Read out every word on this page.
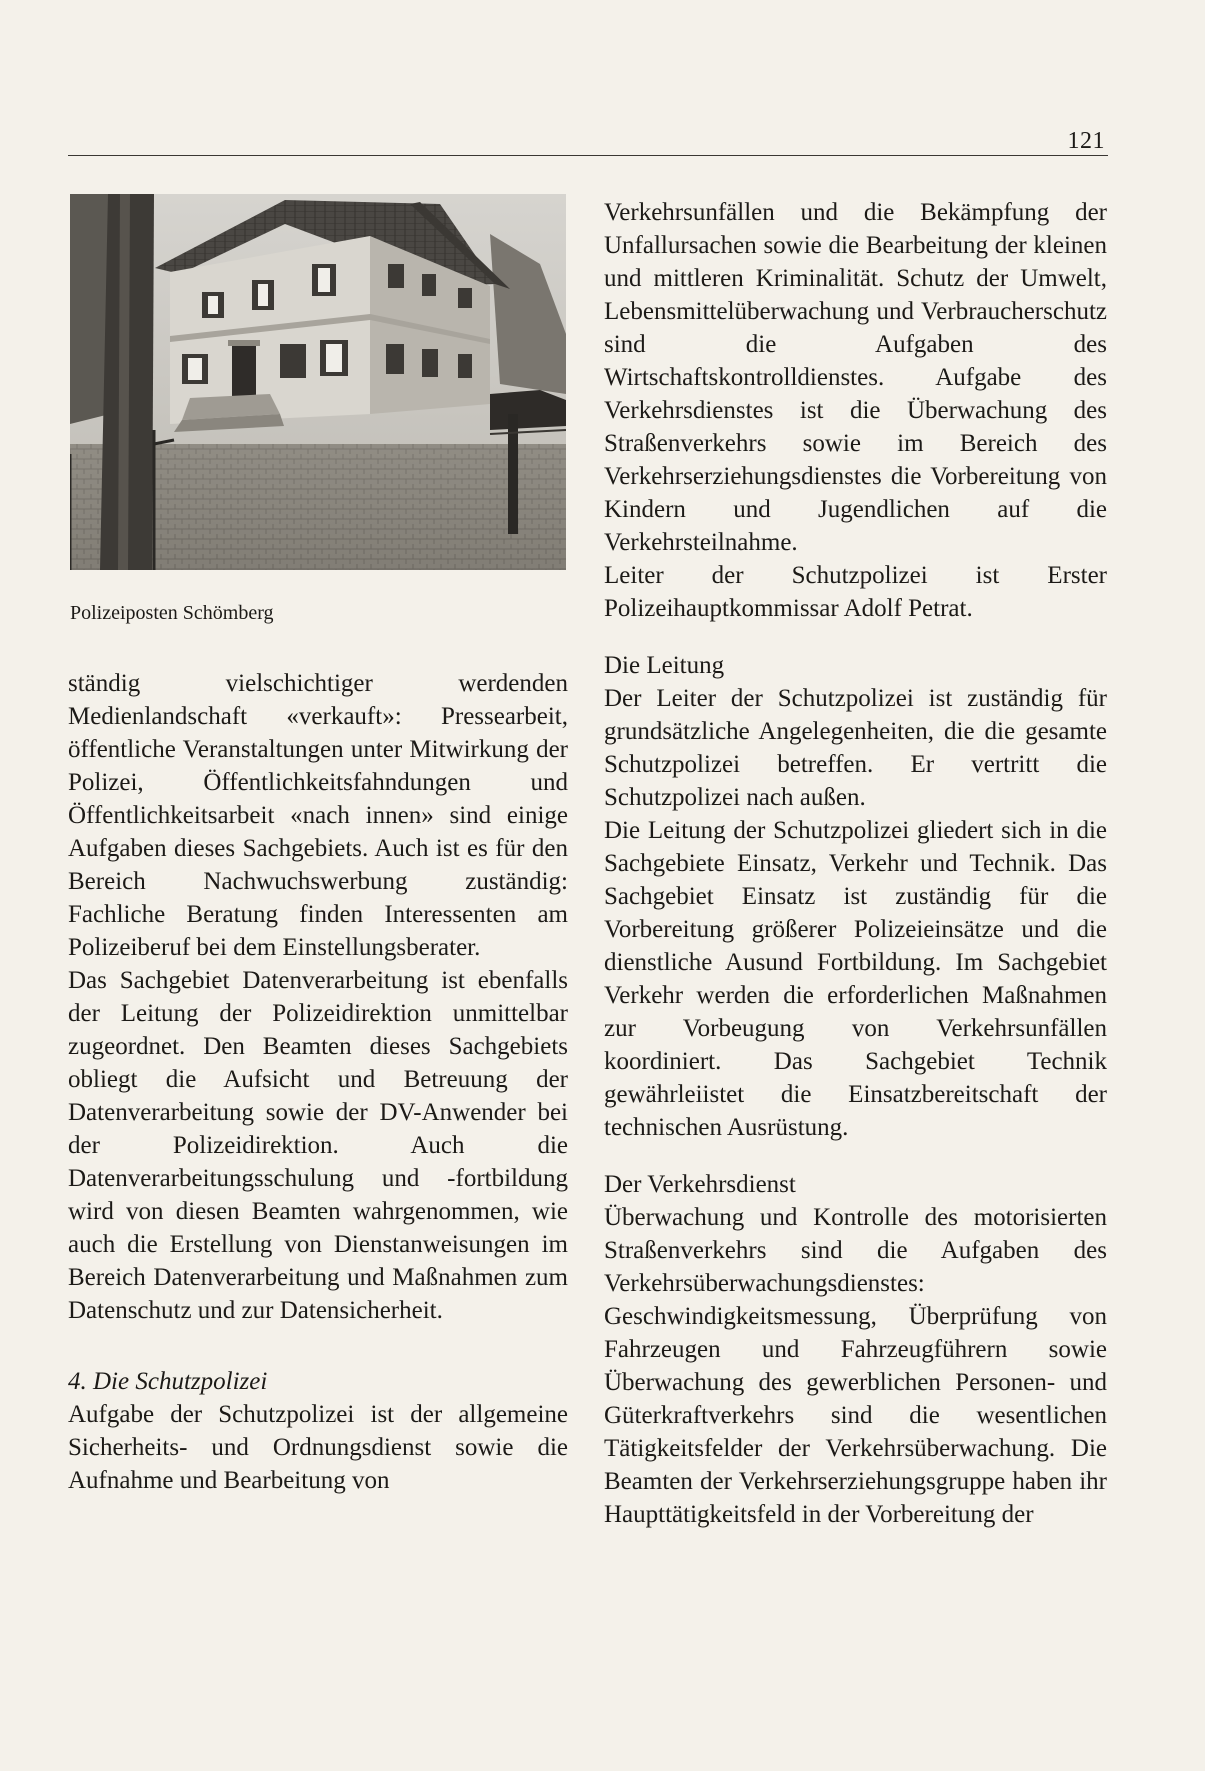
121
Polizeiposten Schömberg

ständig vielschichtiger werdenden Medienlandschaft «verkauft»: Pressearbeit, öffentliche Veranstaltungen unter Mitwirkung der Polizei, Öffentlichkeitsfahndungen und Öffentlichkeitsarbeit «nach innen» sind einige Aufgaben dieses Sachgebiets. Auch ist es für den Bereich Nachwuchswerbung zuständig: Fachliche Beratung finden Interessenten am Polizeiberuf bei dem Einstellungsberater.

Das Sachgebiet Datenverarbeitung ist ebenfalls der Leitung der Polizeidirektion unmittelbar zugeordnet. Den Beamten dieses Sachgebiets obliegt die Aufsicht und Betreuung der Datenverarbeitung sowie der DV-Anwender bei der Polizeidirektion. Auch die Datenverarbeitungsschulung und -fortbildung wird von diesen Beamten wahrgenommen, wie auch die Erstellung von Dienstanweisungen im Bereich Datenverarbeitung und Maßnahmen zum Datenschutz und zur Datensicherheit.

4. Die Schutzpolizei

Aufgabe der Schutzpolizei ist der allgemeine Sicherheits- und Ordnungsdienst sowie die Aufnahme und Bearbeitung von

Verkehrsunfällen und die Bekämpfung der Unfallursachen sowie die Bearbeitung der kleinen und mittleren Kriminalität. Schutz der Umwelt, Lebensmittelüberwachung und Verbraucherschutz sind die Aufgaben des Wirtschaftskontrolldienstes. Aufgabe des Verkehrsdienstes ist die Überwachung des Straßenverkehrs sowie im Bereich des Verkehrserziehungsdienstes die Vorbereitung von Kindern und Jugendlichen auf die Verkehrsteilnahme.

Leiter der Schutzpolizei ist Erster Polizeihauptkommissar Adolf Petrat.

Die Leitung

Der Leiter der Schutzpolizei ist zuständig für grundsätzliche Angelegenheiten, die die gesamte Schutzpolizei betreffen. Er vertritt die Schutzpolizei nach außen.

Die Leitung der Schutzpolizei gliedert sich in die Sachgebiete Einsatz, Verkehr und Technik. Das Sachgebiet Einsatz ist zuständig für die Vorbereitung größerer Polizeieinsätze und die dienstliche Ausund Fortbildung. Im Sachgebiet Verkehr werden die erforderlichen Maßnahmen zur Vorbeugung von Verkehrsunfällen koordiniert. Das Sachgebiet Technik gewährleiistet die Einsatzbereitschaft der technischen Ausrüstung.

Der Verkehrsdienst

Überwachung und Kontrolle des motorisierten Straßenverkehrs sind die Aufgaben des Verkehrsüberwachungsdienstes: Geschwindigkeitsmessung, Überprüfung von Fahrzeugen und Fahrzeugführern sowie Überwachung des gewerblichen Personen- und Güterkraftverkehrs sind die wesentlichen Tätigkeitsfelder der Verkehrsüberwachung. Die Beamten der Verkehrserziehungsgruppe haben ihr Haupttätigkeitsfeld in der Vorbereitung der
